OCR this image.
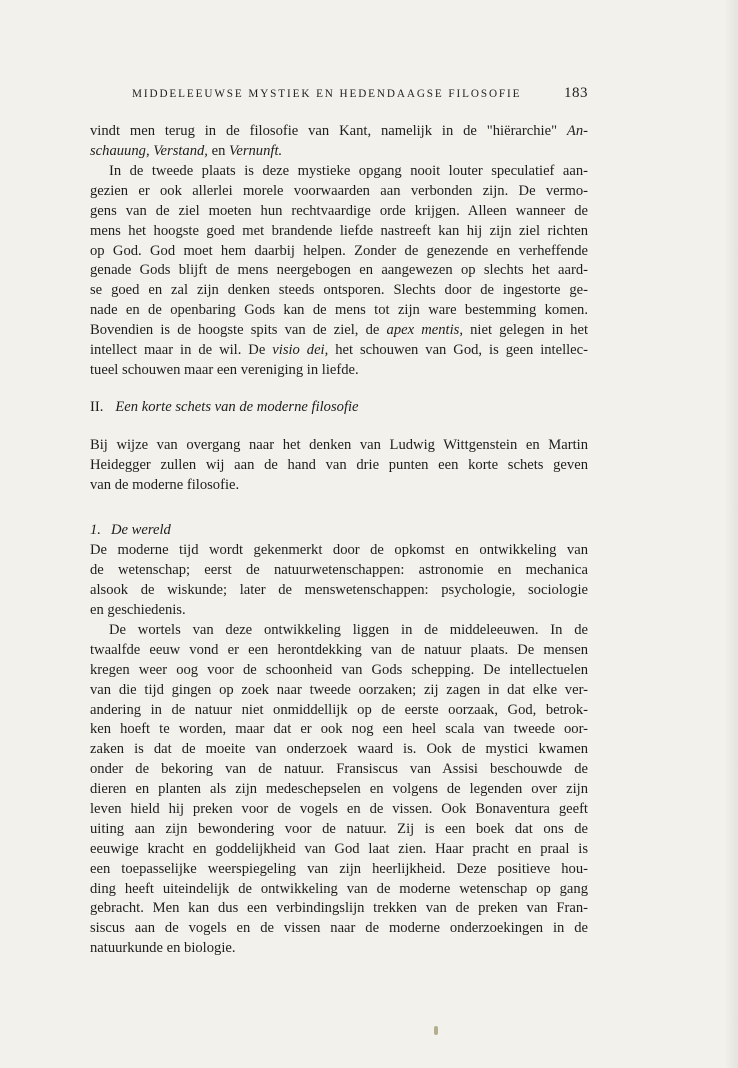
MIDDELEEUWSE MYSTIEK EN HEDENDAAGSE FILOSOFIE	183
vindt men terug in de filosofie van Kant, namelijk in de "hiërarchie" An-
schauung, Verstand, en Vernunft.
In de tweede plaats is deze mystieke opgang nooit louter speculatief aan-
gezien er ook allerlei morele voorwaarden aan verbonden zijn. De vermo-
gens van de ziel moeten hun rechtvaardige orde krijgen. Alleen wanneer de
mens het hoogste goed met brandende liefde nastreeft kan hij zijn ziel richten
op God. God moet hem daarbij helpen. Zonder de genezende en verheffende
genade Gods blijft de mens neergebogen en aangewezen op slechts het aard-
se goed en zal zijn denken steeds ontsporen. Slechts door de ingestorte ge-
nade en de openbaring Gods kan de mens tot zijn ware bestemming komen.
Bovendien is de hoogste spits van de ziel, de apex mentis, niet gelegen in het
intellect maar in de wil. De visio dei, het schouwen van God, is geen intellec-
tueel schouwen maar een vereniging in liefde.
II. Een korte schets van de moderne filosofie
Bij wijze van overgang naar het denken van Ludwig Wittgenstein en Martin
Heidegger zullen wij aan de hand van drie punten een korte schets geven
van de moderne filosofie.
1. De wereld
De moderne tijd wordt gekenmerkt door de opkomst en ontwikkeling van
de wetenschap; eerst de natuurwetenschappen: astronomie en mechanica
alsook de wiskunde; later de menswetenschappen: psychologie, sociologie
en geschiedenis.
De wortels van deze ontwikkeling liggen in de middeleeuwen. In de
twaalfde eeuw vond er een herontdekking van de natuur plaats. De mensen
kregen weer oog voor de schoonheid van Gods schepping. De intellectuelen
van die tijd gingen op zoek naar tweede oorzaken; zij zagen in dat elke ver-
andering in de natuur niet onmiddellijk op de eerste oorzaak, God, betrok-
ken hoeft te worden, maar dat er ook nog een heel scala van tweede oor-
zaken is dat de moeite van onderzoek waard is. Ook de mystici kwamen
onder de bekoring van de natuur. Fransiscus van Assisi beschouwde de
dieren en planten als zijn medeschepselen en volgens de legenden over zijn
leven hield hij preken voor de vogels en de vissen. Ook Bonaventura geeft
uiting aan zijn bewondering voor de natuur. Zij is een boek dat ons de
eeuwige kracht en goddelijkheid van God laat zien. Haar pracht en praal is
een toepasselijke weerspiegeling van zijn heerlijkheid. Deze positieve hou-
ding heeft uiteindelijk de ontwikkeling van de moderne wetenschap op gang
gebracht. Men kan dus een verbindingslijn trekken van de preken van Fran-
siscus aan de vogels en de vissen naar de moderne onderzoekingen in de
natuurkunde en biologie.
